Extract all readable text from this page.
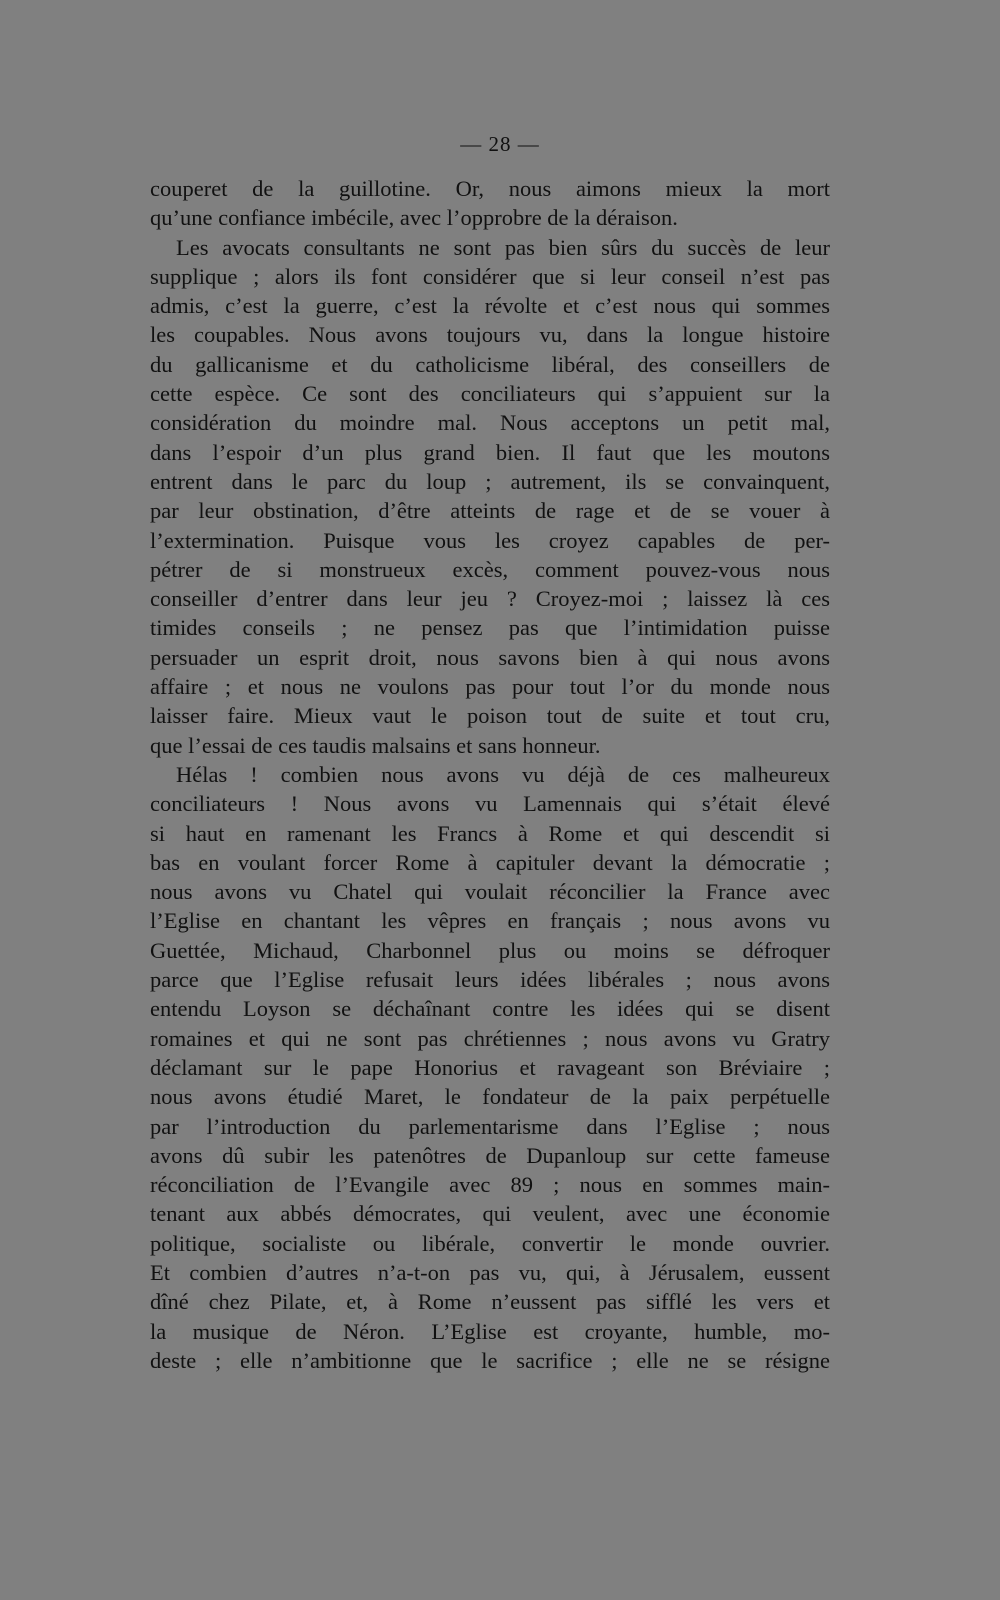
— 28 —
couperet de la guillotine. Or, nous aimons mieux la mort
qu’une confiance imbécile, avec l’opprobre de la déraison.
Les avocats consultants ne sont pas bien sûrs du succès de leur
supplique ; alors ils font considérer que si leur conseil n’est pas
admis, c’est la guerre, c’est la révolte et c’est nous qui sommes
les coupables. Nous avons toujours vu, dans la longue histoire
du gallicanisme et du catholicisme libéral, des conseillers de
cette espèce. Ce sont des conciliateurs qui s’appuient sur la
considération du moindre mal. Nous acceptons un petit mal,
dans l’espoir d’un plus grand bien. Il faut que les moutons
entrent dans le parc du loup ; autrement, ils se convainquent,
par leur obstination, d’être atteints de rage et de se vouer à
l’extermination. Puisque vous les croyez capables de per-
pétrer de si monstrueux excès, comment pouvez-vous nous
conseiller d’entrer dans leur jeu ? Croyez-moi ; laissez là ces
timides conseils ; ne pensez pas que l’intimidation puisse
persuader un esprit droit, nous savons bien à qui nous avons
affaire ; et nous ne voulons pas pour tout l’or du monde nous
laisser faire. Mieux vaut le poison tout de suite et tout cru,
que l’essai de ces taudis malsains et sans honneur.
Hélas ! combien nous avons vu déjà de ces malheureux
conciliateurs ! Nous avons vu Lamennais qui s’était élevé
si haut en ramenant les Francs à Rome et qui descendit si
bas en voulant forcer Rome à capituler devant la démocratie ;
nous avons vu Chatel qui voulait réconcilier la France avec
l’Eglise en chantant les vêpres en français ; nous avons vu
Guettée, Michaud, Charbonnel plus ou moins se défroquer
parce que l’Eglise refusait leurs idées libérales ; nous avons
entendu Loyson se déchaînant contre les idées qui se disent
romaines et qui ne sont pas chrétiennes ; nous avons vu Gratry
déclamant sur le pape Honorius et ravageant son Bréviaire ;
nous avons étudié Maret, le fondateur de la paix perpétuelle
par l’introduction du parlementarisme dans l’Eglise ; nous
avons dû subir les patenôtres de Dupanloup sur cette fameuse
réconciliation de l’Evangile avec 89 ; nous en sommes main-
tenant aux abbés démocrates, qui veulent, avec une économie
politique, socialiste ou libérale, convertir le monde ouvrier.
Et combien d’autres n’a-t-on pas vu, qui, à Jérusalem, eussent
dîné chez Pilate, et, à Rome n’eussent pas sifflé les vers et
la musique de Néron. L’Eglise est croyante, humble, mo-
deste ; elle n’ambitionne que le sacrifice ; elle ne se résigne
